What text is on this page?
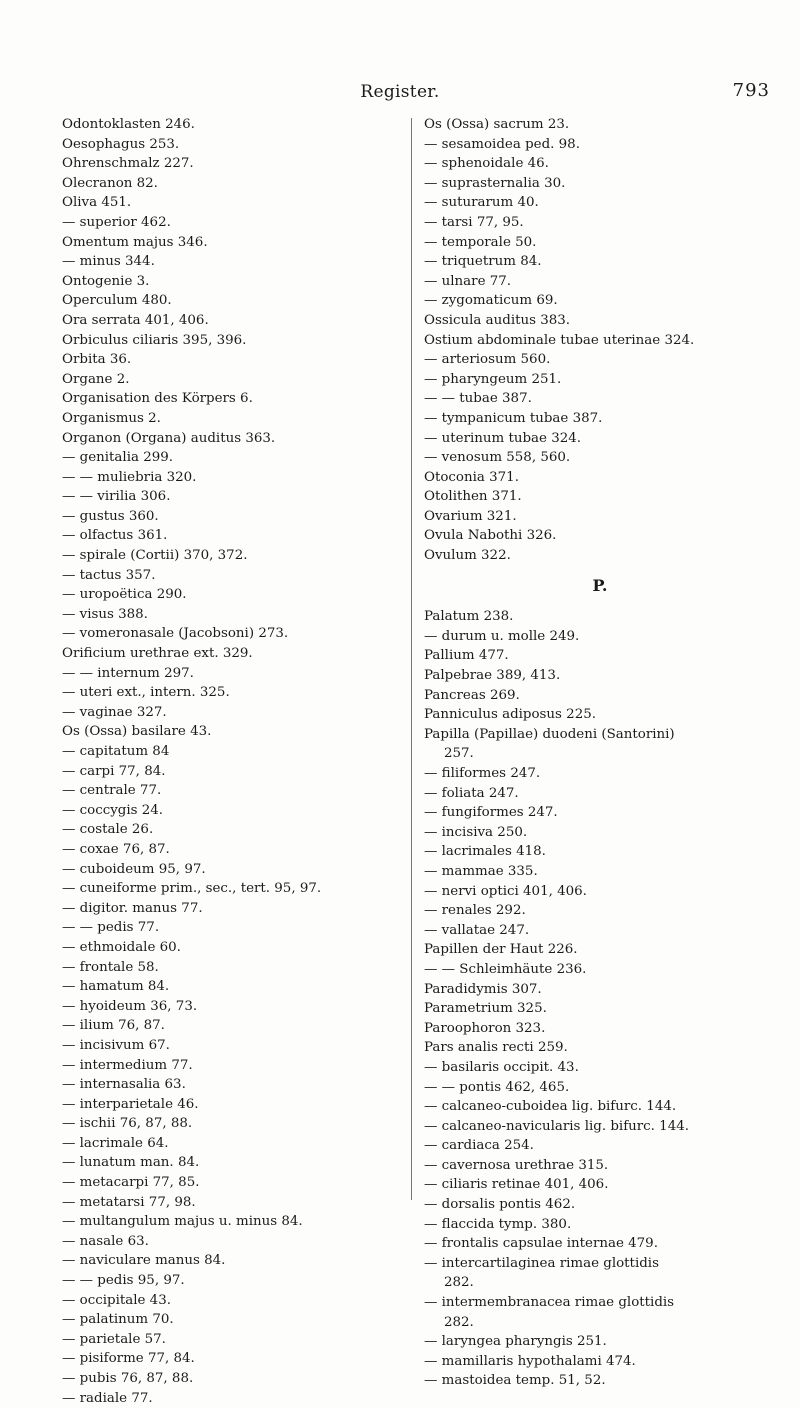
Register.	793
Odontoklasten 246.
Oesophagus 253.
Ohrenschmalz 227.
Olecranon 82.
Oliva 451.
— superior 462.
Omentum majus 346.
— minus 344.
Ontogenie 3.
Operculum 480.
Ora serrata 401, 406.
Orbiculus ciliaris 395, 396.
Orbita 36.
Organe 2.
Organisation des Körpers 6.
Organismus 2.
Organon (Organa) auditus 363.
— genitalia 299.
— — muliebria 320.
— — virilia 306.
— gustus 360.
— olfactus 361.
— spirale (Cortii) 370, 372.
— tactus 357.
— uropoëtica 290.
— visus 388.
— vomeronasale (Jacobsoni) 273.
Orificium urethrae ext. 329.
— — internum 297.
— uteri ext., intern. 325.
— vaginae 327.
Os (Ossa) basilare 43.
— capitatum 84
— carpi 77, 84.
— centrale 77.
— coccygis 24.
— costale 26.
— coxae 76, 87.
— cuboideum 95, 97.
— cuneiforme prim., sec., tert. 95, 97.
— digitor. manus 77.
— — pedis 77.
— ethmoidale 60.
— frontale 58.
— hamatum 84.
— hyoideum 36, 73.
— ilium 76, 87.
— incisivum 67.
— intermedium 77.
— internasalia 63.
— interparietale 46.
— ischii 76, 87, 88.
— lacrimale 64.
— lunatum man. 84.
— metacarpi 77, 85.
— metatarsi 77, 98.
— multangulum majus u. minus 84.
— nasale 63.
— naviculare manus 84.
— — pedis 95, 97.
— occipitale 43.
— palatinum 70.
— parietale 57.
— pisiforme 77, 84.
— pubis 76, 87, 88.
— radiale 77.
Os (Ossa) sacrum 23.
— sesamoidea ped. 98.
— sphenoidale 46.
— suprasternalia 30.
— suturarum 40.
— tarsi 77, 95.
— temporale 50.
— triquetrum 84.
— ulnare 77.
— zygomaticum 69.
Ossicula auditus 383.
Ostium abdominale tubae uterinae 324.
— arteriosum 560.
— pharyngeum 251.
— — tubae 387.
— tympanicum tubae 387.
— uterinum tubae 324.
— venosum 558, 560.
Otoconia 371.
Otolithen 371.
Ovarium 321.
Ovula Nabothi 326.
Ovulum 322.
P.
Palatum 238.
— durum u. molle 249.
Pallium 477.
Palpebrae 389, 413.
Pancreas 269.
Panniculus adiposus 225.
Papilla (Papillae) duodeni (Santorini)
257.
— filiformes 247.
— foliata 247.
— fungiformes 247.
— incisiva 250.
— lacrimales 418.
— mammae 335.
— nervi optici 401, 406.
— renales 292.
— vallatae 247.
Papillen der Haut 226.
— — Schleimhäute 236.
Paradidymis 307.
Parametrium 325.
Paroophoron 323.
Pars analis recti 259.
— basilaris occipit. 43.
— — pontis 462, 465.
— calcaneo-cuboidea lig. bifurc. 144.
— calcaneo-navicularis lig. bifurc. 144.
— cardiaca 254.
— cavernosa urethrae 315.
— ciliaris retinae 401, 406.
— dorsalis pontis 462.
— flaccida tymp. 380.
— frontalis capsulae internae 479.
— intercartilaginea rimae glottidis
282.
— intermembranacea rimae glottidis
282.
— laryngea pharyngis 251.
— mamillaris hypothalami 474.
— mastoidea temp. 51, 52.
